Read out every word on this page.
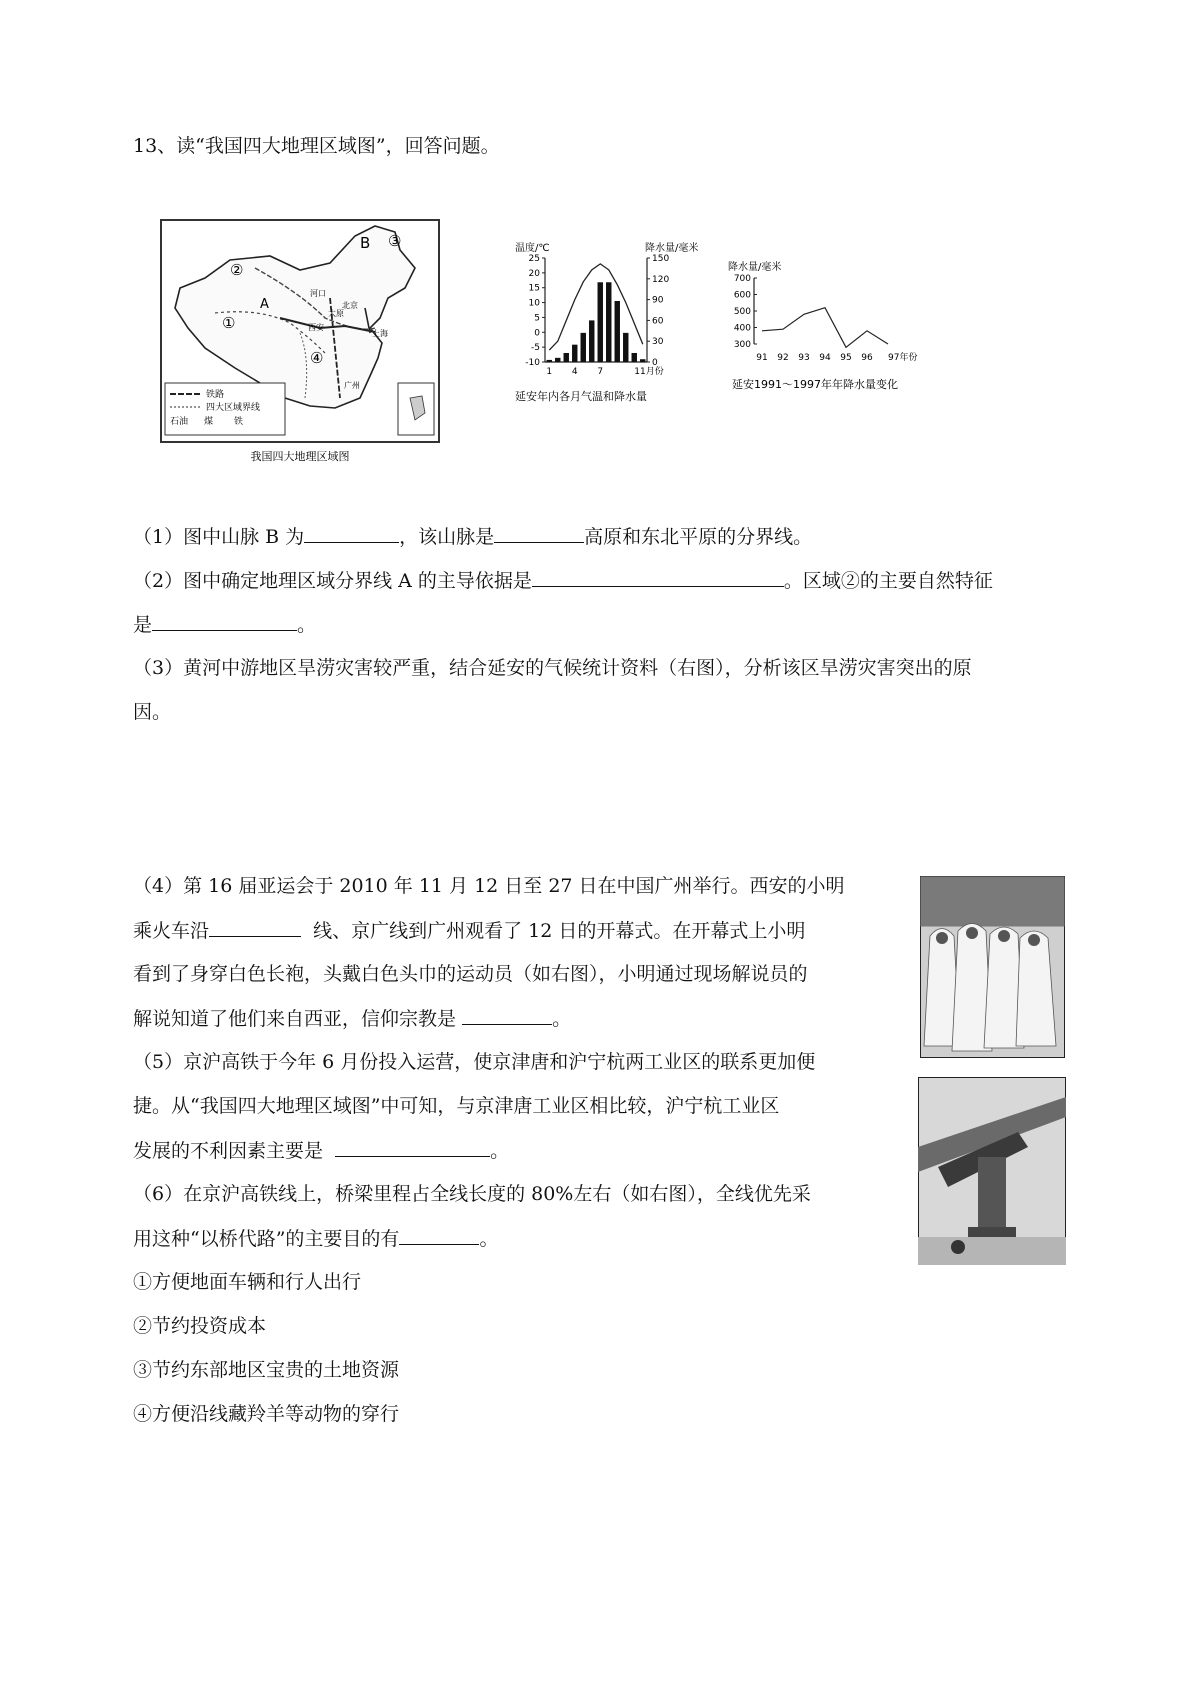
13、读“我国四大地理区域图”，回答问题。
铁路
四大区域界线
石油 煤 铁
B
A
①
②
③
④
河口
北京
太原
西安
上海
广州
我国四大地理区域图
温度/℃	降水量/毫米
25
20
15
10
5
0
-5
-10
150
120
90
60
30
0
1 4 7	11月份
延安年内各月气温和降水量
降水量/毫米
700
600
500
400
300
91 92 93 94 95 96 97年份
延安1991～1997年年降水量变化
（1）图中山脉 B 为	，该山脉是	高原和东北平原的分界线。
（2）图中确定地理区域分界线 A 的主导依据是	。区域②的主要自然特征
是	。
（3）黄河中游地区旱涝灾害较严重，结合延安的气候统计资料（右图），分析该区旱涝灾害突出的原
因。
（4）第 16 届亚运会于 2010 年 11 月 12 日至 27 日在中国广州举行。西安的小明
乘火车沿	线、京广线到广州观看了 12 日的开幕式。在开幕式上小明
看到了身穿白色长袍，头戴白色头巾的运动员（如右图），小明通过现场解说员的
解说知道了他们来自西亚，信仰宗教是	。
（5）京沪高铁于今年 6 月份投入运营，使京津唐和沪宁杭两工业区的联系更加便
捷。从“我国四大地理区域图”中可知，与京津唐工业区相比较，沪宁杭工业区
发展的不利因素主要是	。
（6）在京沪高铁线上，桥梁里程占全线长度的 80%左右（如右图），全线优先采
用这种“以桥代路”的主要目的有	。
①方便地面车辆和行人出行
②节约投资成本
③节约东部地区宝贵的土地资源
④方便沿线藏羚羊等动物的穿行
